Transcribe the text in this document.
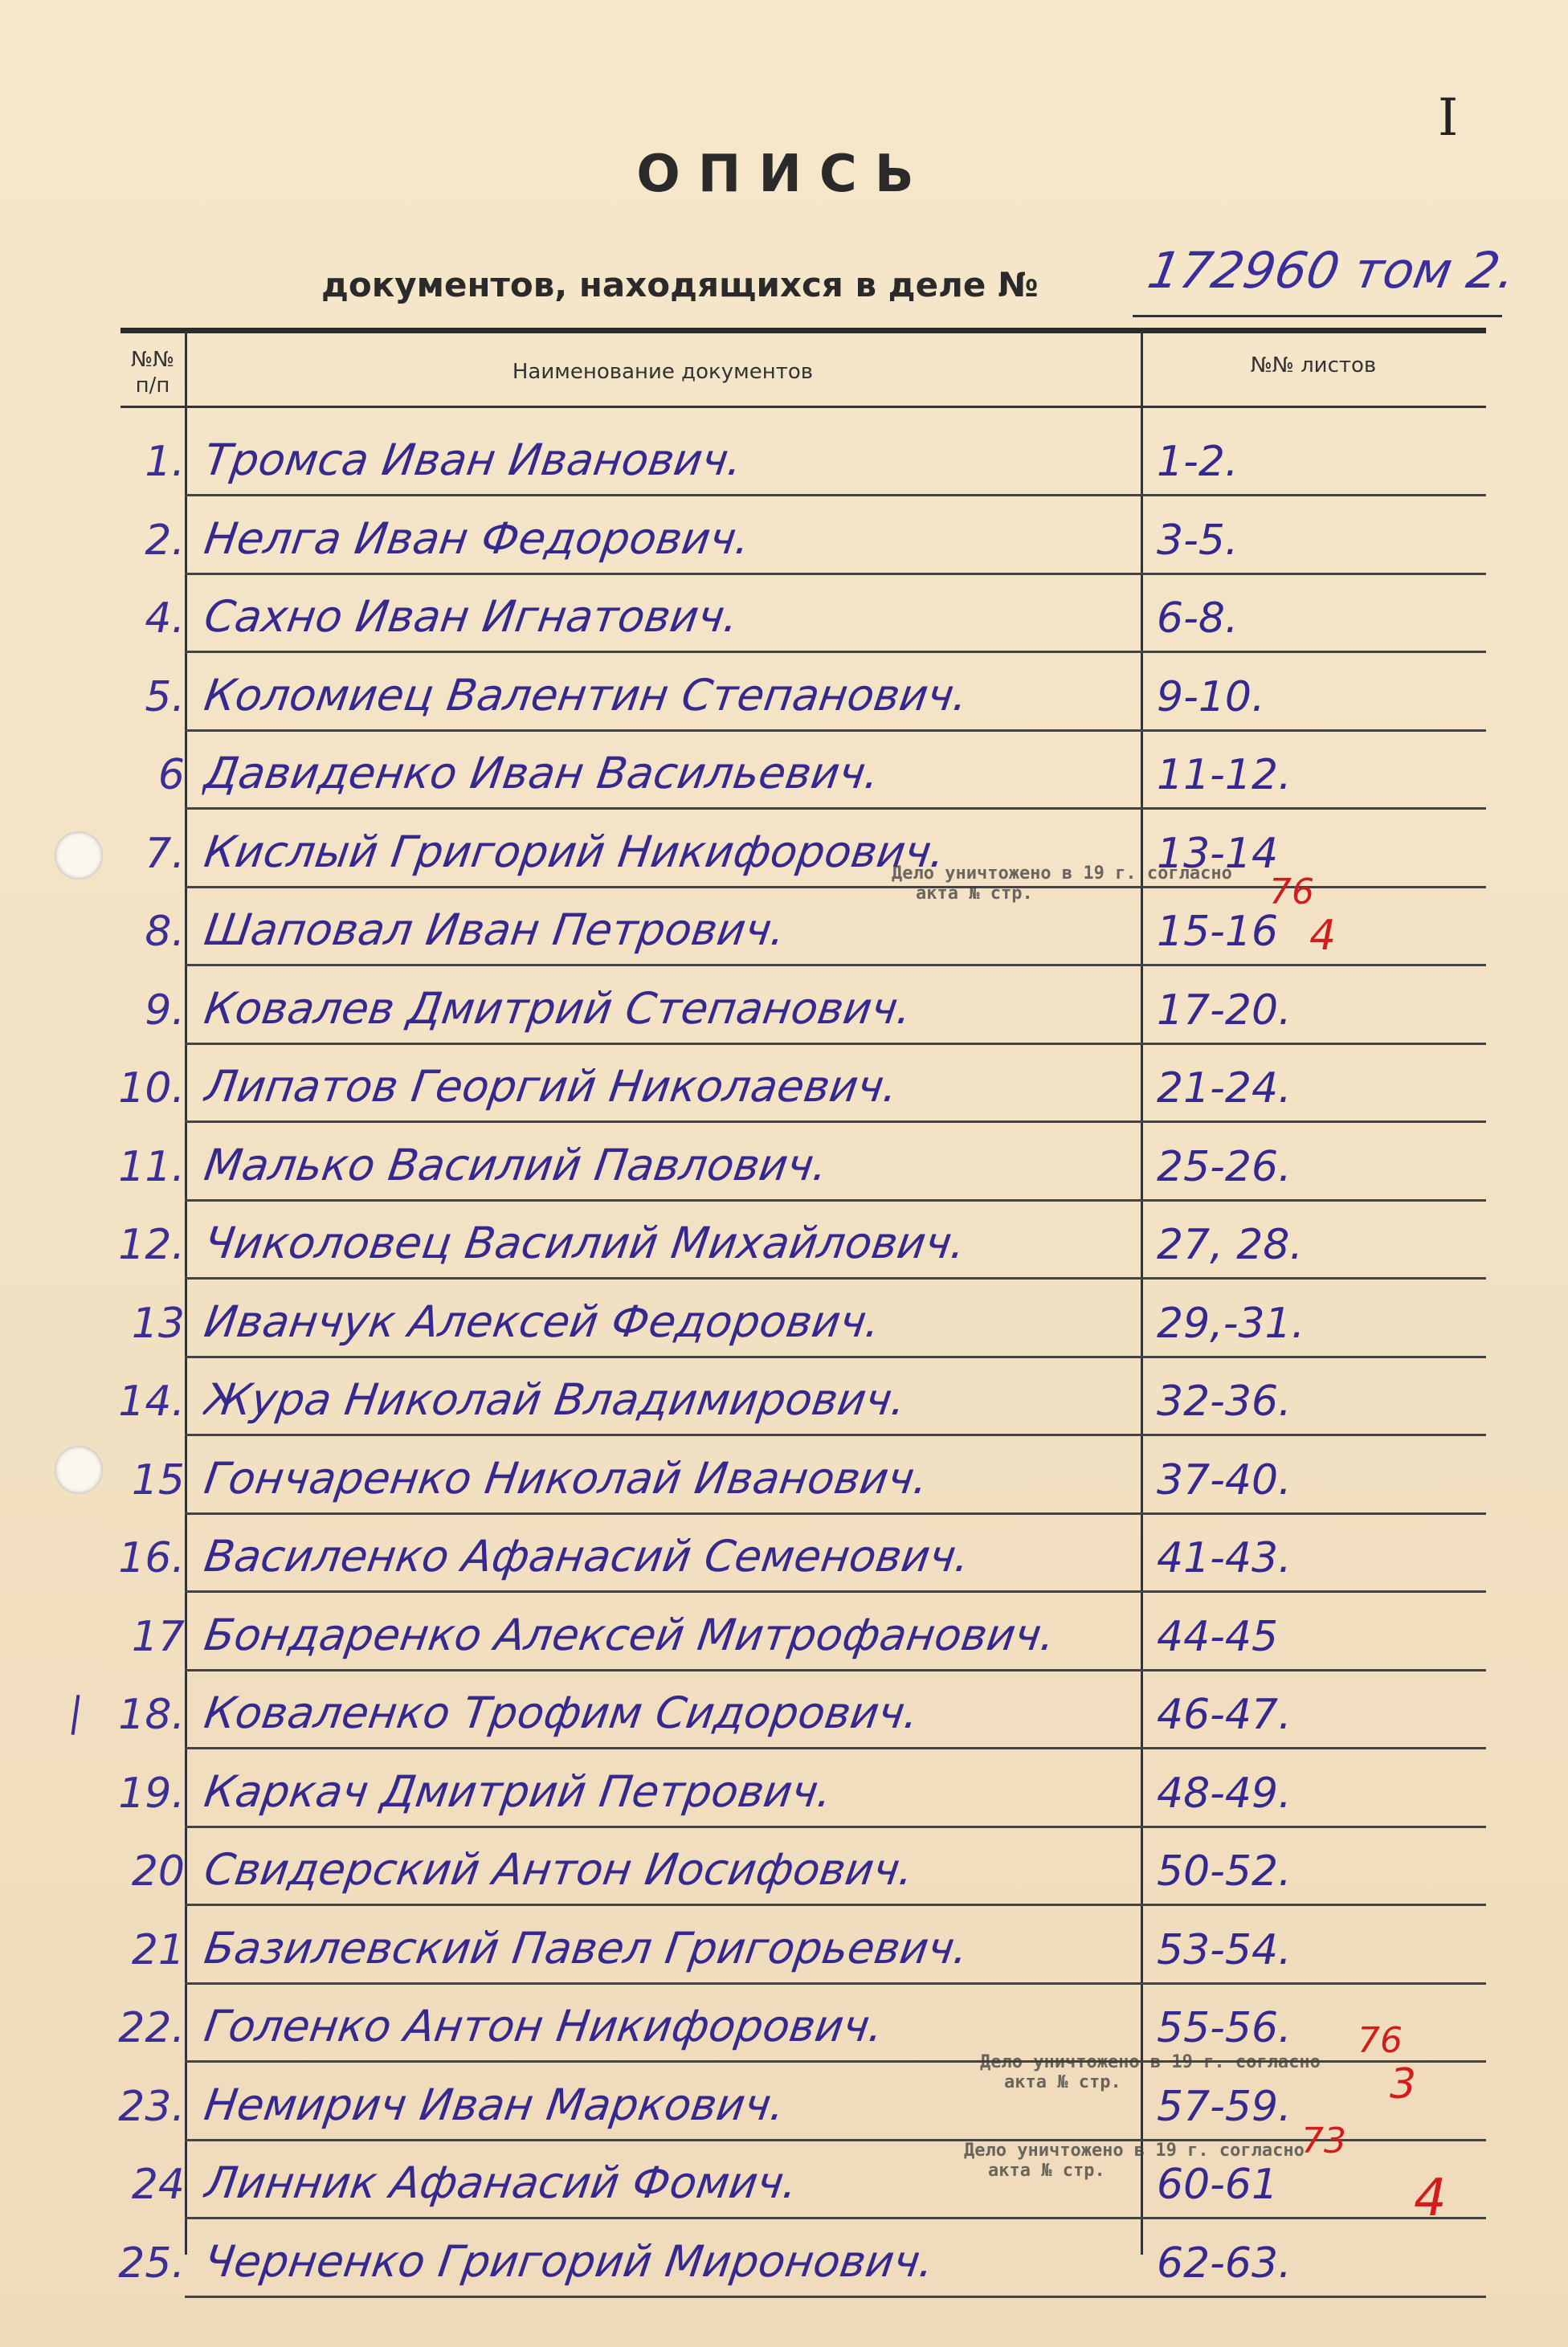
I
ОПИСЬ
документов, находящихся в деле № 172960 том 2.
№№ п/п
Наименование документов	№№ листов
1. Тромса Иван Иванович.	1-2.
2. Нелга Иван Федорович.	3-5.
4. Сахно Иван Игнатович.	6-8.
5. Коломиец Валентин Степанович.	9-10.
6 Давиденко Иван Васильевич.	11-12.
7. Кислый Григорий Никифорович.	13-14
8. Шаповал Иван Петрович.	15-16
9. Ковалев Дмитрий Степанович.	17-20.
10. Липатов Георгий Николаевич.	21-24.
11. Малько Василий Павлович.	25-26.
12. Чиколовец Василий Михайлович.	27, 28.
13 Иванчук Алексей Федорович.	29,-31.
14. Жура Николай Владимирович.	32-36.
15 Гончаренко Николай Иванович.	37-40.
16. Василенко Афанасий Семенович.	41-43.
17 Бондаренко Алексей Митрофанович.	44-45
18. Коваленко Трофим Сидорович.	46-47.
19. Каркач Дмитрий Петрович.	48-49.
20 Свидерский Антон Иосифович.	50-52.
21 Базилевский Павел Григорьевич.	53-54.
22. Голенко Антон Никифорович.	55-56.
23. Немирич Иван Маркович.	57-59.
24 Линник Афанасий Фомич.	60-61
25. Черненко Григорий Миронович.	62-63.
Дело уничтожено в 19 г. согласно
акта № стр.
Дело уничтожено в 19 г. согласно
акта № стр.
Дело уничтожено в 19 г. согласно
акта № стр.
76
4
76
3
73
4
